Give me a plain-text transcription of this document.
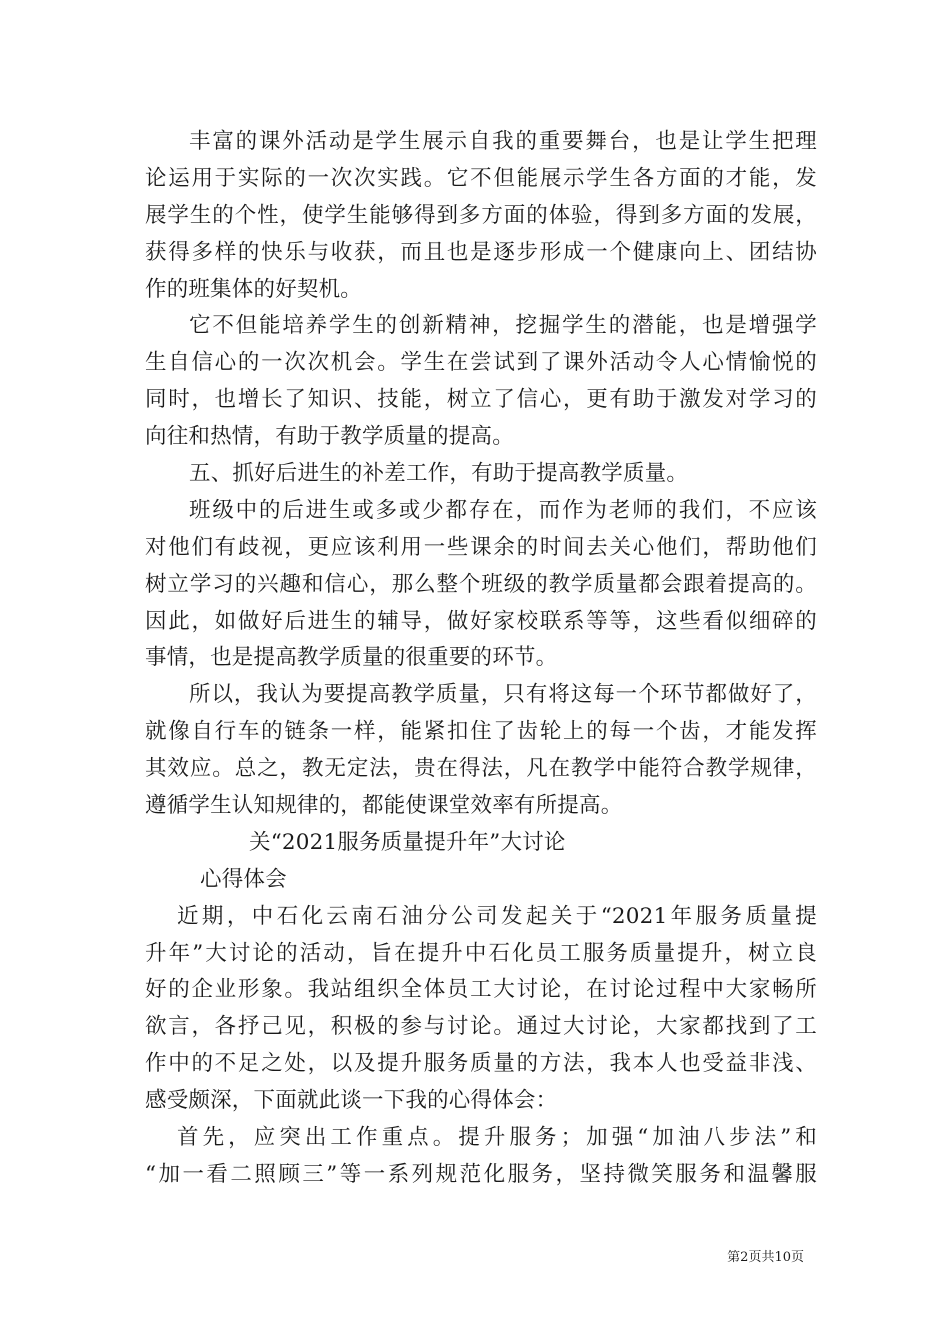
丰富的课外活动是学生展示自我的重要舞台，也是让学生把理
论运用于实际的一次次实践。它不但能展示学生各方面的才能，发
展学生的个性，使学生能够得到多方面的体验，得到多方面的发展，
获得多样的快乐与收获，而且也是逐步形成一个健康向上、团结协
作的班集体的好契机。
它不但能培养学生的创新精神，挖掘学生的潜能，也是增强学
生自信心的一次次机会。学生在尝试到了课外活动令人心情愉悦的
同时，也增长了知识、技能，树立了信心，更有助于激发对学习的
向往和热情，有助于教学质量的提高。
五、抓好后进生的补差工作，有助于提高教学质量。
班级中的后进生或多或少都存在，而作为老师的我们，不应该
对他们有歧视，更应该利用一些课余的时间去关心他们，帮助他们
树立学习的兴趣和信心，那么整个班级的教学质量都会跟着提高的。
因此，如做好后进生的辅导，做好家校联系等等，这些看似细碎的
事情，也是提高教学质量的很重要的环节。
所以，我认为要提高教学质量，只有将这每一个环节都做好了，
就像自行车的链条一样，能紧扣住了齿轮上的每一个齿，才能发挥
其效应。总之，教无定法，贵在得法，凡在教学中能符合教学规律，
遵循学生认知规律的，都能使课堂效率有所提高。
关“2021服务质量提升年”大讨论
心得体会
近期，中石化云南石油分公司发起关于“2021年服务质量提
升年”大讨论的活动，旨在提升中石化员工服务质量提升，树立良
好的企业形象。我站组织全体员工大讨论，在讨论过程中大家畅所
欲言，各抒己见，积极的参与讨论。通过大讨论，大家都找到了工
作中的不足之处，以及提升服务质量的方法，我本人也受益非浅、
感受颇深，下面就此谈一下我的心得体会：
首先，应突出工作重点。提升服务；加强“加油八步法”和
“加一看二照顾三”等一系列规范化服务，坚持微笑服务和温馨服
第2页共10页
